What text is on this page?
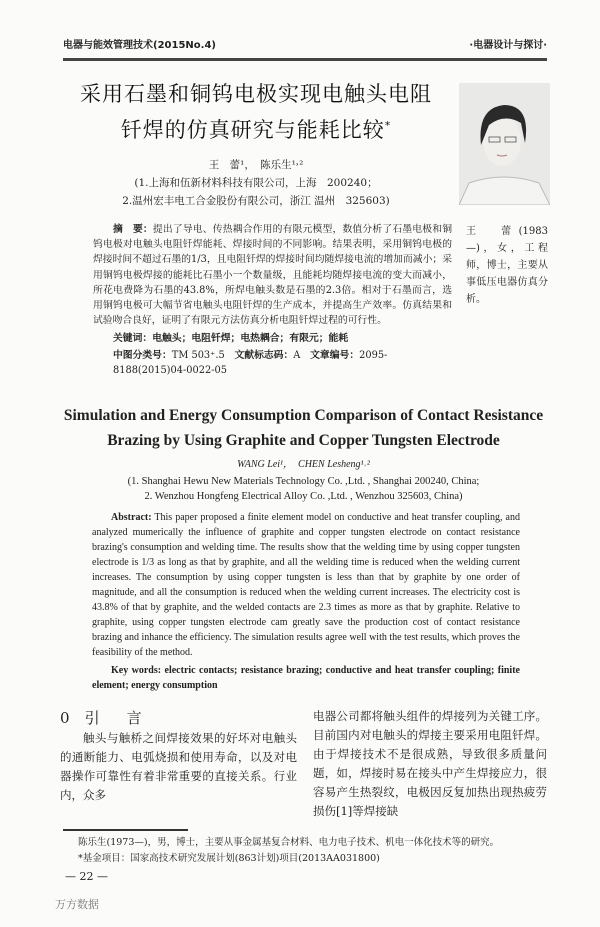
电器与能效管理技术(2015No.4)	·电器设计与探讨·
采用石墨和铜钨电极实现电触头电阻
钎焊的仿真研究与能耗比较*
王　蕾¹，　陈乐生¹˒²
(1.上海和伍新材料科技有限公司，上海　200240；
2.温州宏丰电工合金股份有限公司，浙江 温州　325603)
摘　要：提出了导电、传热耦合作用的有限元模型，数值分析了石墨电极和铜钨电极对电触头电阻钎焊能耗、焊接时间的不同影响。结果表明，采用铜钨电极的焊接时间不超过石墨的1/3，且电阻钎焊的焊接时间均随焊接电流的增加而减小；采用铜钨电极焊接的能耗比石墨小一个数量级，且能耗均随焊接电流的变大而减小，所花电费降为石墨的43.8%，所焊电触头数是石墨的2.3倍。相对于石墨而言，选用铜钨电极可大幅节省电触头电阻钎焊的生产成本，并提高生产效率。仿真结果和试验吻合良好，证明了有限元方法仿真分析电阻钎焊过程的可行性。
关键词：电触头；电阻钎焊；电热耦合；有限元；能耗
中图分类号：TM 503⁺.5　 文献标志码：A　 文章编号：2095-8188(2015)04-0022-05
王　蕾(1983—)，女，工程师，博士，主要从事低压电器仿真分析。
Simulation and Energy Consumption Comparison of Contact Resistance
Brazing by Using Graphite and Copper Tungsten Electrode
WANG Lei¹，　CHEN Lesheng¹˒²
(1. Shanghai Hewu New Materials Technology Co. ,Ltd. , Shanghai 200240, China;
2. Wenzhou Hongfeng Electrical Alloy Co. ,Ltd. , Wenzhou 325603, China)
Abstract: This paper proposed a finite element model on conductive and heat transfer coupling, and analyzed mumerically the influence of graphite and copper tungsten electrode on contact resistance brazing's consumption and welding time. The results show that the welding time by using copper tungsten electrode is 1/3 as long as that by graphite, and all the welding time is reduced when the welding current increases. The consumption by using copper tungsten is less than that by graphite by one order of magnitude, and all the consumption is reduced when the welding current increases. The electricity cost is 43.8% of that by graphite, and the welded contacts are 2.3 times as more as that by graphite. Relative to graphite, using copper tungsten electrode cam greatly save the production cost of contact resistance brazing and inhance the efficiency. The simulation results agree well with the test results, which proves the feasibility of the method.
Key words: electric contacts; resistance brazing; conductive and heat transfer coupling; finite element; energy consumption
0　 引　言
触头与触桥之间焊接效果的好坏对电触头的通断能力、电弧烧损和使用寿命，以及对电器操作可靠性有着非常重要的直接关系。行业内，众多
电器公司都将触头组件的焊接列为关键工序。目前国内对电触头的焊接主要采用电阻钎焊。由于焊接技术不是很成熟，导致很多质量问题，如，焊接时易在接头中产生焊接应力，很容易产生热裂纹，电极因反复加热出现热疲劳损伤[1]等焊接缺
陈乐生(1973—)，男，博士，主要从事金属基复合材料、电力电子技术、机电一体化技术等的研究。
*基金项目：国家高技术研究发展计划(863计划)项目(2013AA031800)
— 22 —
万方数据
